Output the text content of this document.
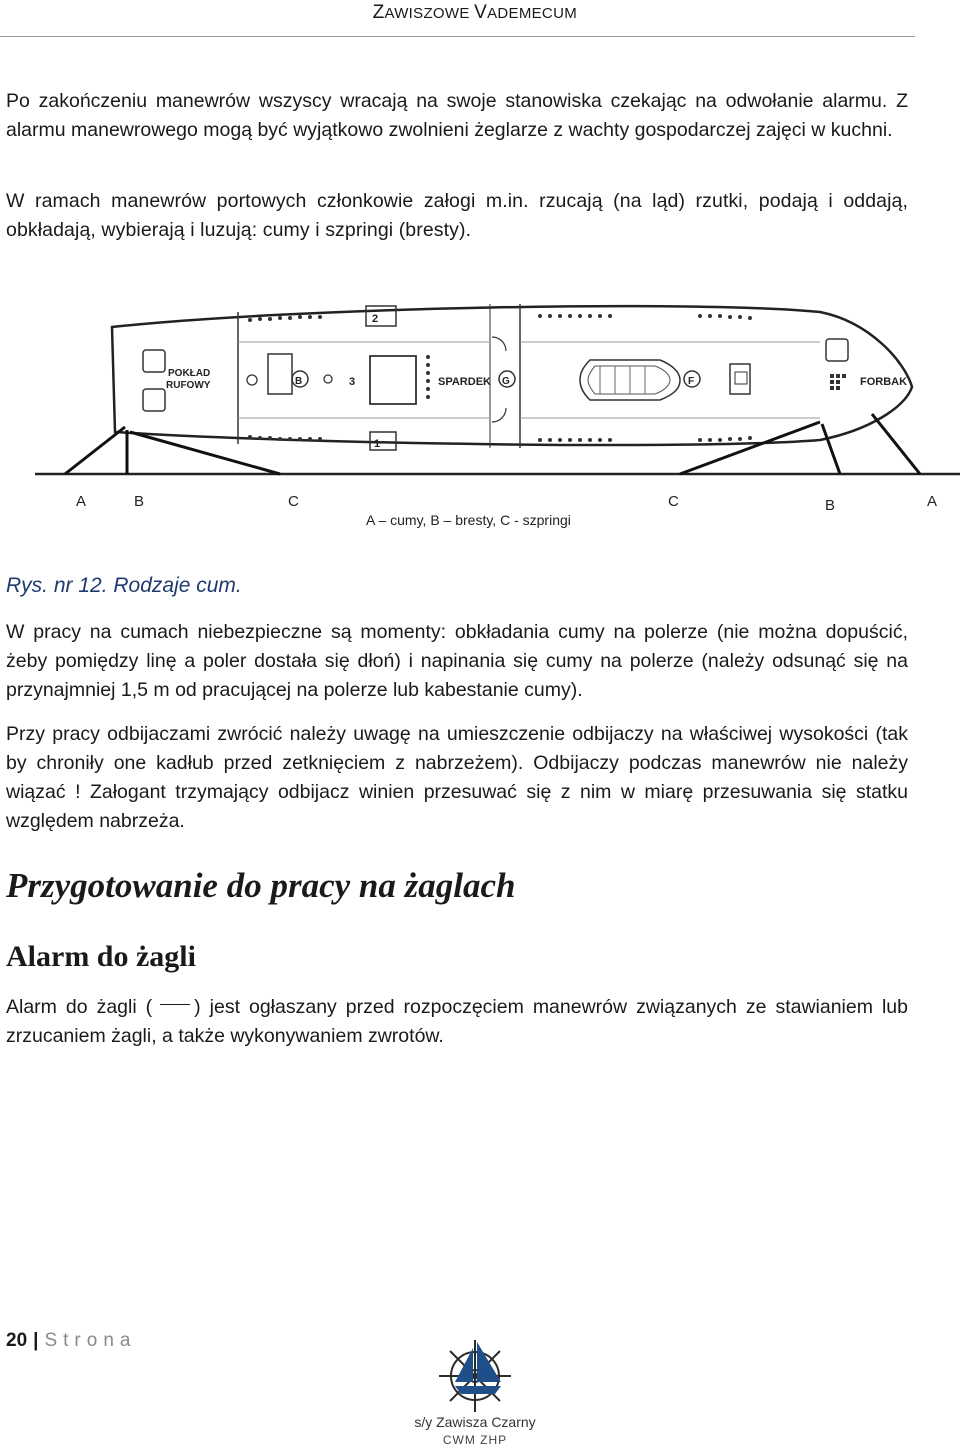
ZAWISZOWE VADEMECUM

Po zakończeniu manewrów wszyscy wracają na swoje stanowiska czekając na odwołanie alarmu. Z alarmu manewrowego mogą być wyjątkowo zwolnieni żeglarze z wachty gospodarczej zajęci w kuchni.

W ramach manewrów portowych członkowie załogi m.in. rzucają (na ląd) rzutki, podają i oddają, obkładają, wybierają i luzują: cumy i szpringi (bresty).

POKŁAD
RUFOWY
2
1
3
B	SPARDEK G	F	FORBAK
A	B	C	C	B	A
A – cumy, B – bresty, C - szpringi

Rys. nr 12. Rodzaje cum.

W pracy na cumach niebezpieczne są momenty: obkładania cumy na polerze (nie można dopuścić, żeby pomiędzy linę a poler dostała się dłoń) i napinania się cumy na polerze (należy odsunąć się na przynajmniej 1,5 m od pracującej na polerze lub kabestanie cumy).

Przy pracy odbijaczami zwrócić należy uwagę na umieszczenie odbijaczy na właściwej wysokości (tak by chroniły one kadłub przed zetknięciem z nabrzeżem). Odbijaczy podczas manewrów nie należy wiązać ! Załogant trzymający odbijacz winien przesuwać się z nim w miarę przesuwania się statku względem nabrzeża.

Przygotowanie do pracy na żaglach
Alarm do żagli

Alarm do żagli ( ) jest ogłaszany przed rozpoczęciem manewrów związanych ze stawianiem lub zrzucaniem żagli, a także wykonywaniem zwrotów.

20 | Strona
s/y Zawisza Czarny
CWM ZHP
